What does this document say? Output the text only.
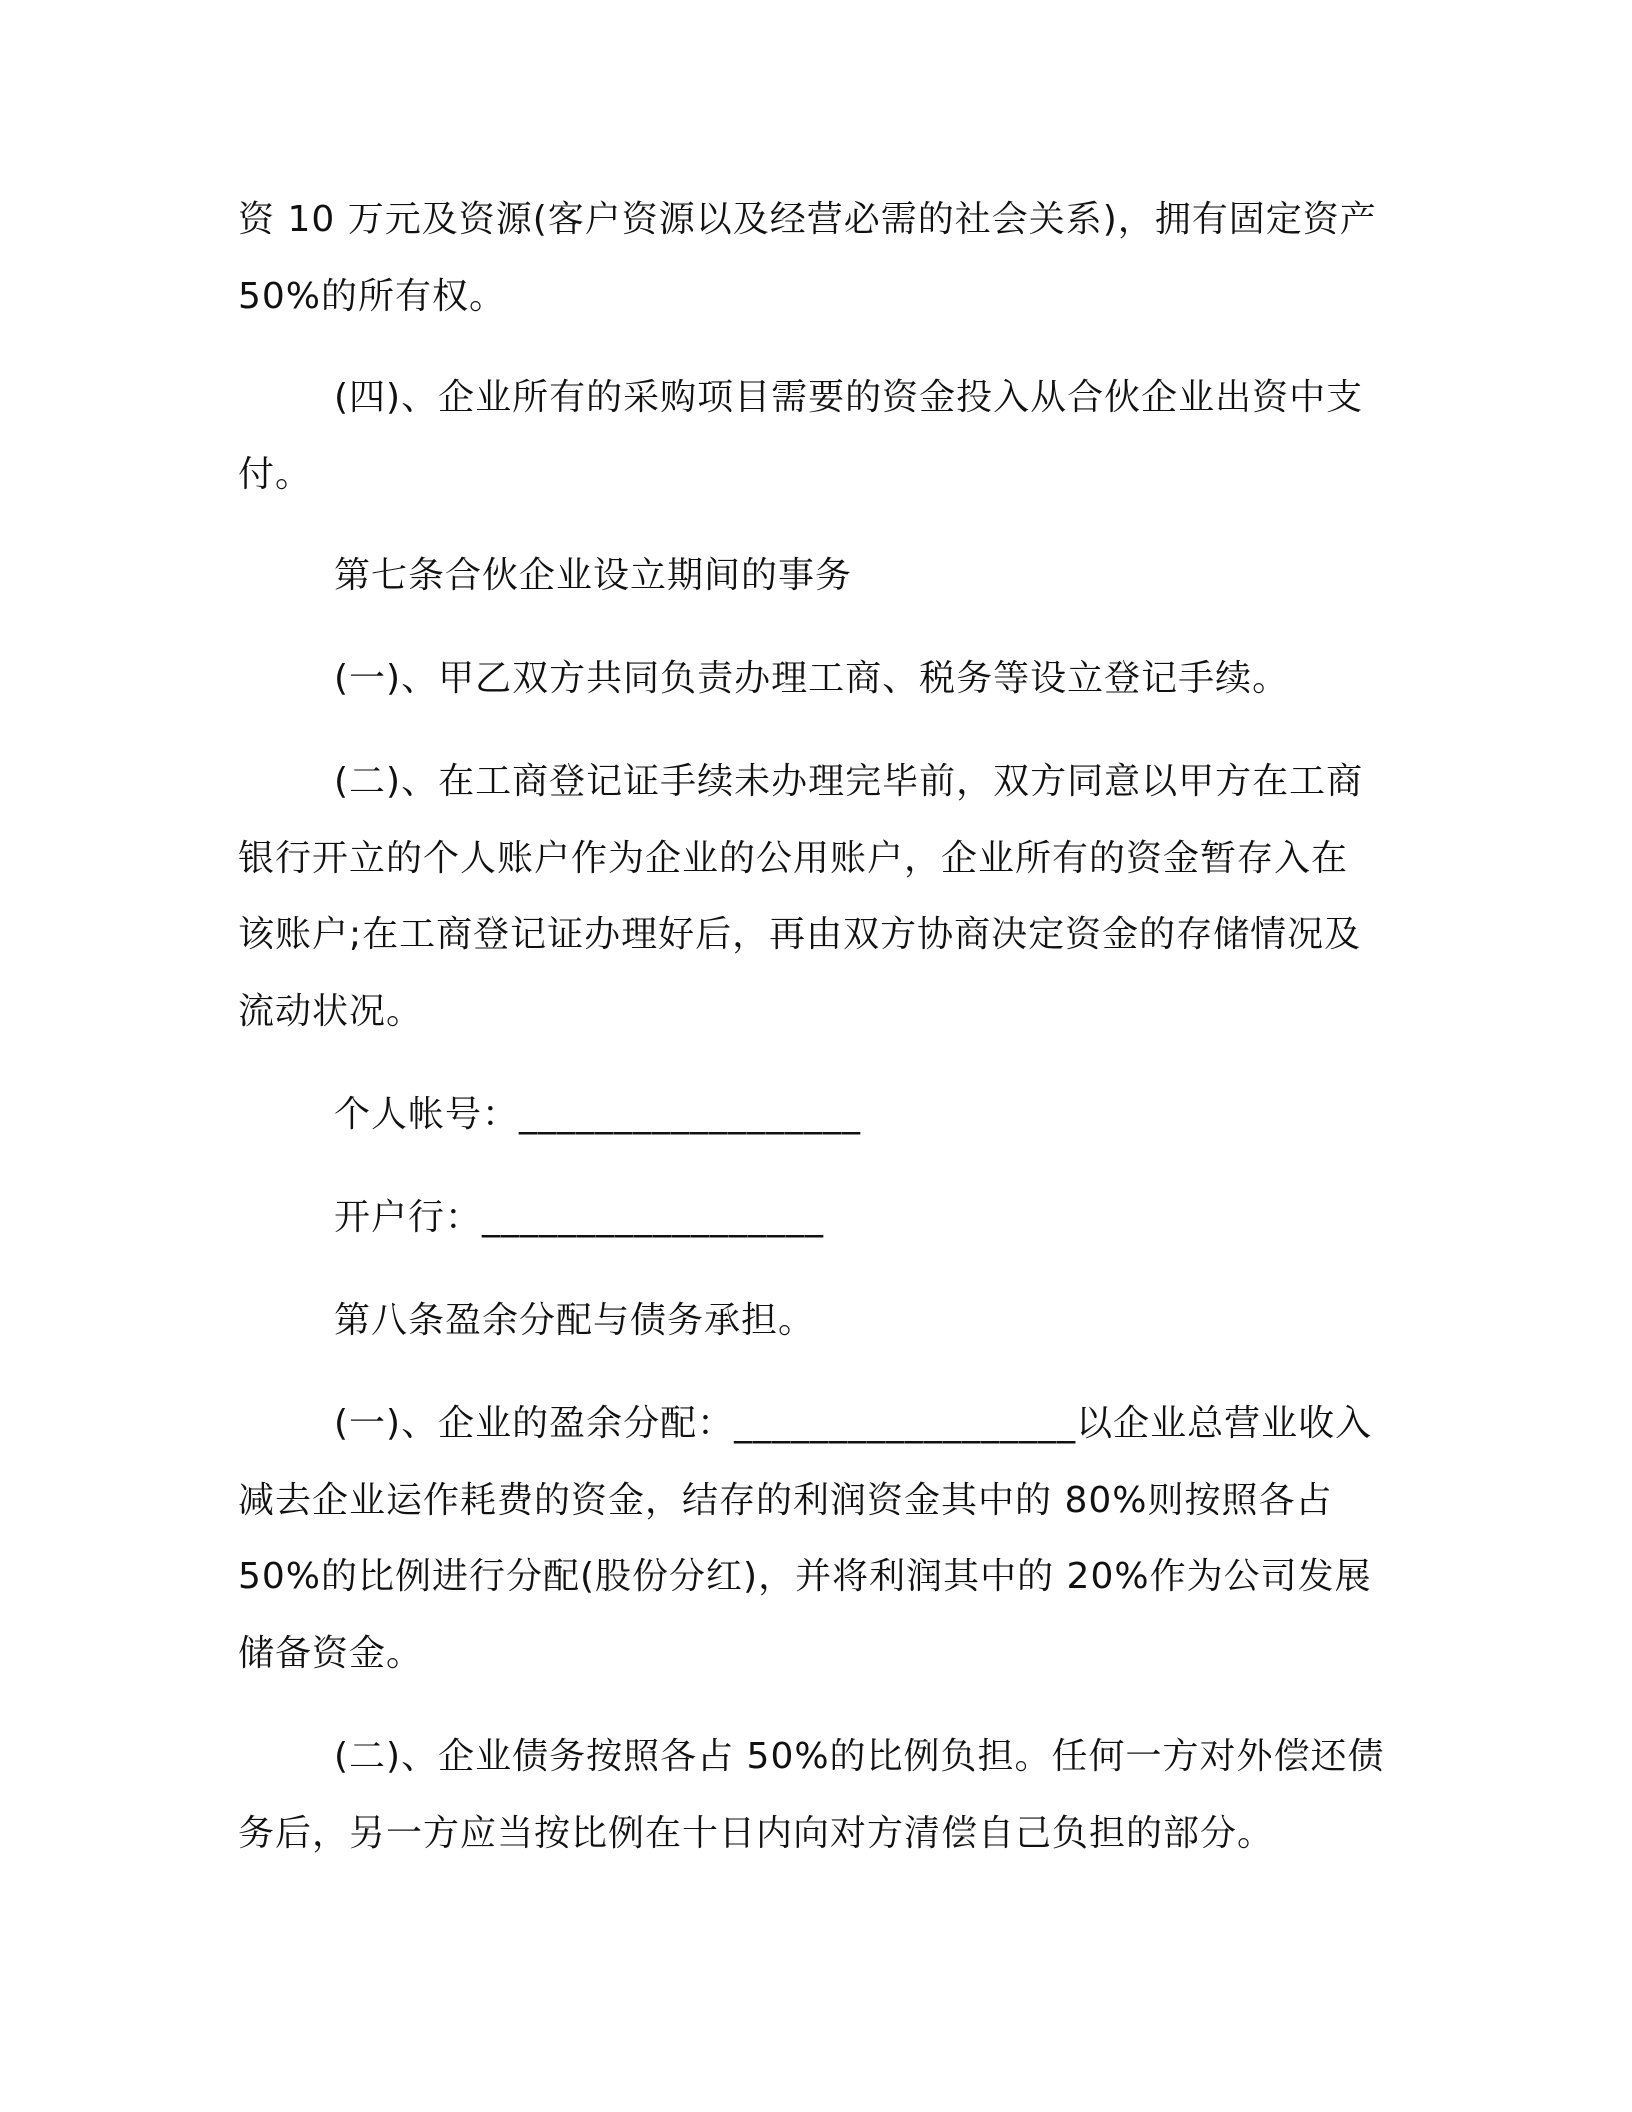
资 10 万元及资源(客户资源以及经营必需的社会关系)，拥有固定资产
50%的所有权。
(四)、企业所有的采购项目需要的资金投入从合伙企业出资中支
付。
第七条合伙企业设立期间的事务
(一)、甲乙双方共同负责办理工商、税务等设立登记手续。
(二)、在工商登记证手续未办理完毕前，双方同意以甲方在工商
银行开立的个人账户作为企业的公用账户，企业所有的资金暂存入在
该账户;在工商登记证办理好后，再由双方协商决定资金的存储情况及
流动状况。
个人帐号：__________________
开户行：__________________
第八条盈余分配与债务承担。
(一)、企业的盈余分配：__________________以企业总营业收入
减去企业运作耗费的资金，结存的利润资金其中的 80%则按照各占
50%的比例进行分配(股份分红)，并将利润其中的 20%作为公司发展
储备资金。
(二)、企业债务按照各占 50%的比例负担。任何一方对外偿还债
务后，另一方应当按比例在十日内向对方清偿自己负担的部分。
